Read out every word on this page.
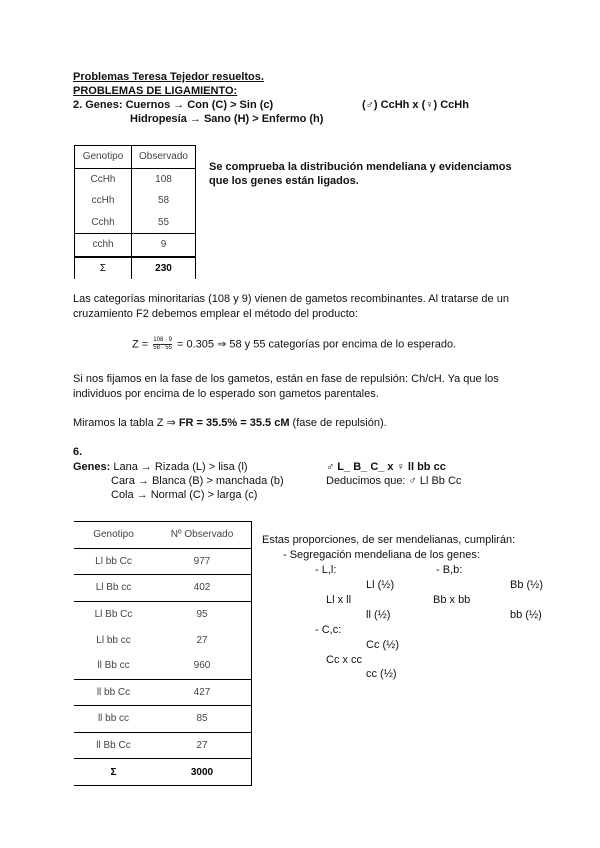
Problemas Teresa Tejedor resueltos.
PROBLEMAS DE LIGAMIENTO:
2. Genes: Cuernos → Con (C) > Sin (c)	(♂) CcHh x (♀) CcHh
Hidropesía → Sano (H) > Enfermo (h)
Genotipo	Observado
CcHh	108
ccHh	58
Cchh	55
cchh	9
Σ	230
Se comprueba la distribución mendeliana y evidenciamos
que los genes están ligados.
Las categorías minoritarias (108 y 9) vienen de gametos recombinantes. Al tratarse de un
cruzamiento F2 debemos emplear el método del producto:
$Z = \frac{108 \cdot 9}{58 \cdot 55} = 0.305$ ⇒ 58 y 55 categorías por encima de lo esperado.
Si nos fijamos en la fase de los gametos, están en fase de repulsión: Ch/cH. Ya que los
individuos por encima de lo esperado son gametos parentales.
Miramos la tabla Z ⇒ FR = 35.5% = 35.5 cM (fase de repulsión).
6.
Genes: Lana → Rizada (L) > lisa (l)
Cara → Blanca (B) > manchada (b)
Cola → Normal (C) > larga (c)
♂ L_ B_ C_ x ♀ ll bb cc
Deducimos que: ♂ Ll Bb Cc
Genotipo	Nº Observado
Ll bb Cc	977
Ll Bb cc	402
Ll Bb Cc	95
Ll bb cc	27
ll Bb cc	960
ll bb Cc	427
ll bb cc	85
ll Bb Cc	27
Σ	3000
Estas proporciones, de ser mendelianas, cumplirán:
- Segregación mendeliana de los genes:
- L,l:	- B,b:
Ll (½)	Bb (½)
Ll x ll	Bb x bb
ll (½)	bb (½)
- C,c:
Cc (½)
Cc x cc
cc (½)
